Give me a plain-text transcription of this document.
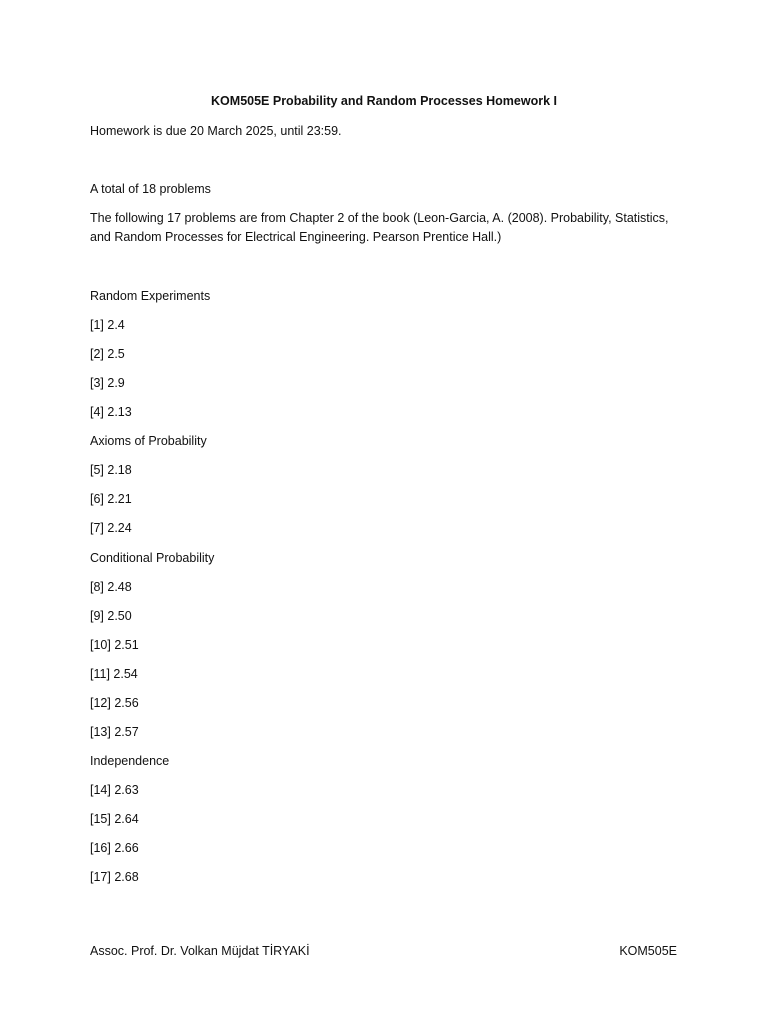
KOM505E Probability and Random Processes Homework I
Homework is due 20 March 2025, until 23:59.
A total of 18 problems
The following 17 problems are from Chapter 2 of the book (Leon-Garcia, A. (2008). Probability, Statistics, and Random Processes for Electrical Engineering. Pearson Prentice Hall.)
Random Experiments
[1] 2.4
[2] 2.5
[3] 2.9
[4] 2.13
Axioms of Probability
[5] 2.18
[6] 2.21
[7] 2.24
Conditional Probability
[8] 2.48
[9] 2.50
[10] 2.51
[11] 2.54
[12] 2.56
[13] 2.57
Independence
[14] 2.63
[15] 2.64
[16] 2.66
[17] 2.68
Assoc. Prof. Dr. Volkan Müjdat TİRYAKİ	KOM505E
